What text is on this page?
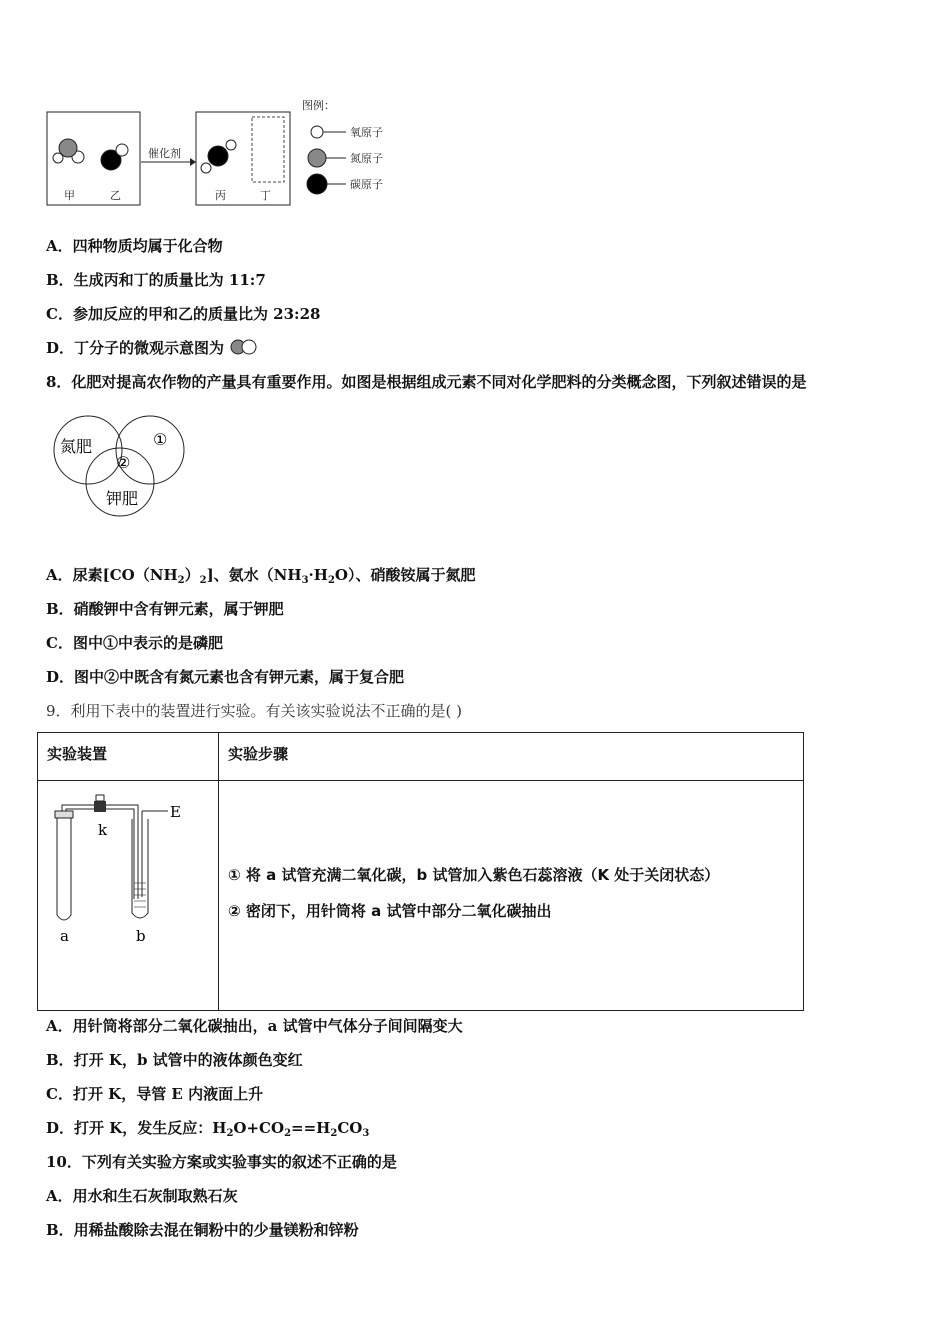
催化剂
甲	乙	丙	丁
图例：
氧原子
氮原子
碳原子
A．四种物质均属于化合物
B．生成丙和丁的质量比为 11:7
C．参加反应的甲和乙的质量比为 23:28
D．丁分子的微观示意图为
8．化肥对提高农作物的产量具有重要作用。如图是根据组成元素不同对化学肥料的分类概念图，下列叙述错误的是
氮肥	①
②
钾肥
A．尿素$[CO(NH_2)_2]$、氨水$(NH_3\cdot H_2O)$、硝酸铵属于氮肥
B．硝酸钾中含有钾元素，属于钾肥
C．图中①中表示的是磷肥
D．图中②中既含有氮元素也含有钾元素，属于复合肥
9．利用下表中的装置进行实验。有关该实验说法不正确的是( )
实验装置	实验步骤
k
E
a	b
① 将 a 试管充满二氧化碳，b 试管加入紫色石蕊溶液（K 处于关闭状态）
② 密闭下，用针筒将 a 试管中部分二氧化碳抽出
A．用针筒将部分二氧化碳抽出，a 试管中气体分子间间隔变大
B．打开 K，b 试管中的液体颜色变红
C．打开 K，导管 E 内液面上升
D．打开 K，发生反应：$H_2O+CO_2==H_2CO_3$
10．下列有关实验方案或实验事实的叙述不正确的是
A．用水和生石灰制取熟石灰
B．用稀盐酸除去混在铜粉中的少量镁粉和锌粉
